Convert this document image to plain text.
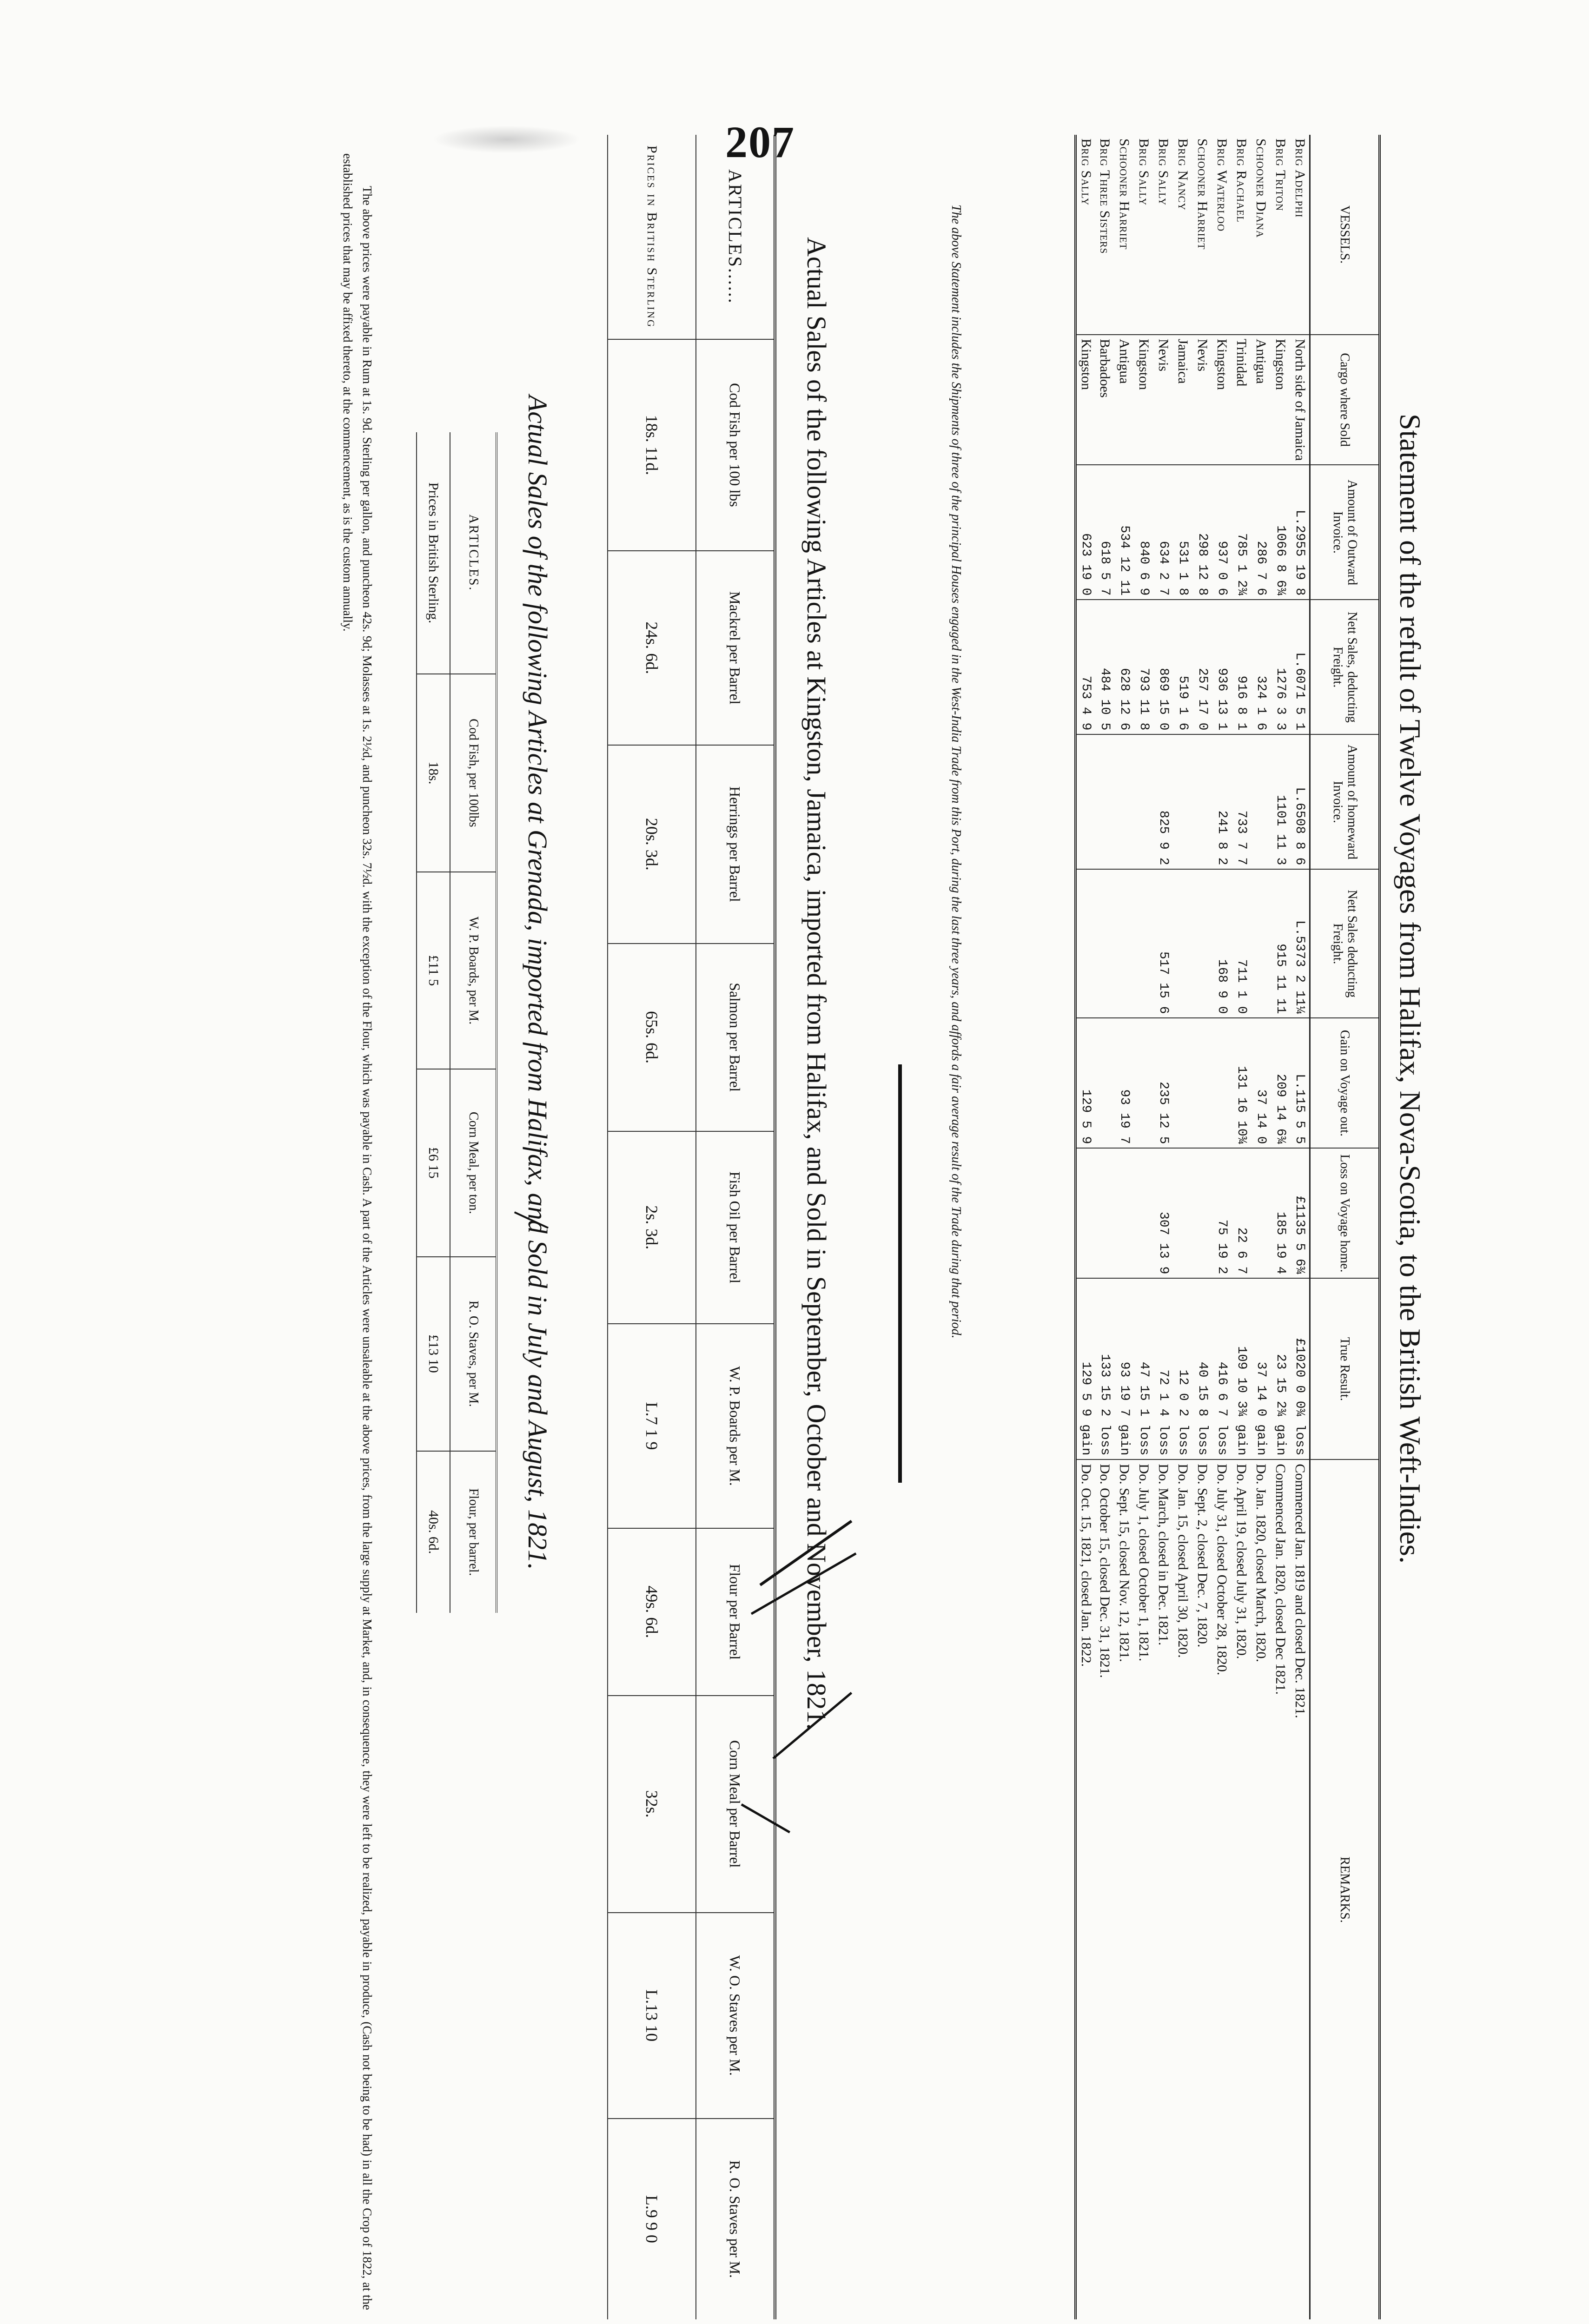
207
Statement of the refult of Twelve Voyages from Halifax, Nova-Scotia, to the British Weft-Indies.
VESSELS.	Cargo where Sold	Amount of Outward Invoice.	Nett Sales, deducting Freight.	Amount of homeward Invoice.	Nett Sales deducting Freight.	Gain on Voyage out.	Loss on Voyage home.	True Result.	REMARKS.
Brig Adelphi	North side of Jamaica	L.2955 19 8	L.6071 5 1	L.6508 8 6	L.5373 2 11¼	L.115 5 5	£1135 5 6¾	£1020 0 0¾ loss	Commenced Jan. 1819 and closed Dec. 1821.
Brig Triton	Kingston	1066 8 6¾	1276 3 3	1101 11 3	915 11 11	209 14 6¾	185 19 4	23 15 2¾ gain	Commenced Jan. 1820, closed Dec 1821.
Schooner Diana	Antigua	286 7 6	324 1 6			37 14 0		37 14 0 gain	Do. Jan. 1820, closed March, 1820.
Brig Rachael	Trinidad	785 1 2¾	916 8 1	733 7 7	711 1 0	131 16 10¾	22 6 7	109 10 3¾ gain	Do. April 19, closed July 31, 1820.
Brig Waterloo	Kingston	937 0 6	936 13 1	241 8 2	168 9 0		75 19 2	416 6 7 loss	Do. July 31, closed October 28, 1820.
Schooner Harriet	Nevis	298 12 8	257 17 0					40 15 8 loss	Do. Sept. 2, closed Dec. 7, 1820.
Brig Nancy	Jamaica	531 1 8	519 1 6					12 0 2 loss	Do. Jan. 15, closed April 30, 1820.
Brig Sally	Nevis	634 2 7	869 15 0	825 9 2	517 15 6	235 12 5	307 13 9	72 1 4 loss	Do. March, closed in Dec. 1821.
Brig Sally	Kingston	840 6 9	793 11 8					47 15 1 loss	Do. July 1, closed October 1, 1821.
Schooner Harriet	Antigua	534 12 11	628 12 6			93 19 7		93 19 7 gain	Do. Sept. 15, closed Nov. 12, 1821.
Brig Three Sisters	Barbadoes	618 5 7	484 10 5					133 15 2 loss	Do. October 15, closed Dec. 31, 1821.
Brig Sally	Kingston	623 19 0	753 4 9			129 5 9		129 5 9 gain	Do. Oct. 15, 1821, closed Jan. 1822.
The above Statement includes the Shipments of three of the principal Houses engaged in the West-India Trade from this Port, during the last three years, and affords a fair average result of the Trade during that period.
Actual Sales of the following Articles at Kingston, Jamaica, imported from Halifax, and Sold in September, October and November, 1821.
ARTICLES......	Cod Fish per 100 lbs	Mackrel per Barrel	Herrings per Barrel	Salmon per Barrel	Fish Oil per Barrel	W. P. Boards per M.	Flour per Barrel	Corn Meal per Barrel	W. O. Staves per M.	R. O. Staves per M.
Prices in British Sterling	18s. 11d.	24s. 6d.	20s. 3d.	65s. 6d.	2s. 3d.	L.7 1 9	49s. 6d.	32s.	L.13 10	L.9 9 0
Actual Sales of the following Articles at Grenada, imported from Halifax, and Sold in July and August, 1821.
ARTICLES.	Cod Fish, per 100lbs	W. P. Boards, per M.	Corn Meal, per ton.	R. O. Staves, per M.	Flour, per barrel.
Prices in British Sterling.	18s.	£11 5	£6 15	£13 10	40s. 6d.
The above prices were payable in Rum at 1s. 9d. Sterling per gallon, and puncheon 42s. 9d; Molasses at 1s. 2½d, and puncheon 32s. 7½d. with the exception of the Flour, which was payable in Cash. A part of the Articles were unsaleable at the above prices, from the large supply at Market, and, in consequence, they were left to be realized, payable in produce, (Cash not being to be had) in all the Crop of 1822, at the established prices that may be affixed thereto, at the commencement, as is the custom annually.
